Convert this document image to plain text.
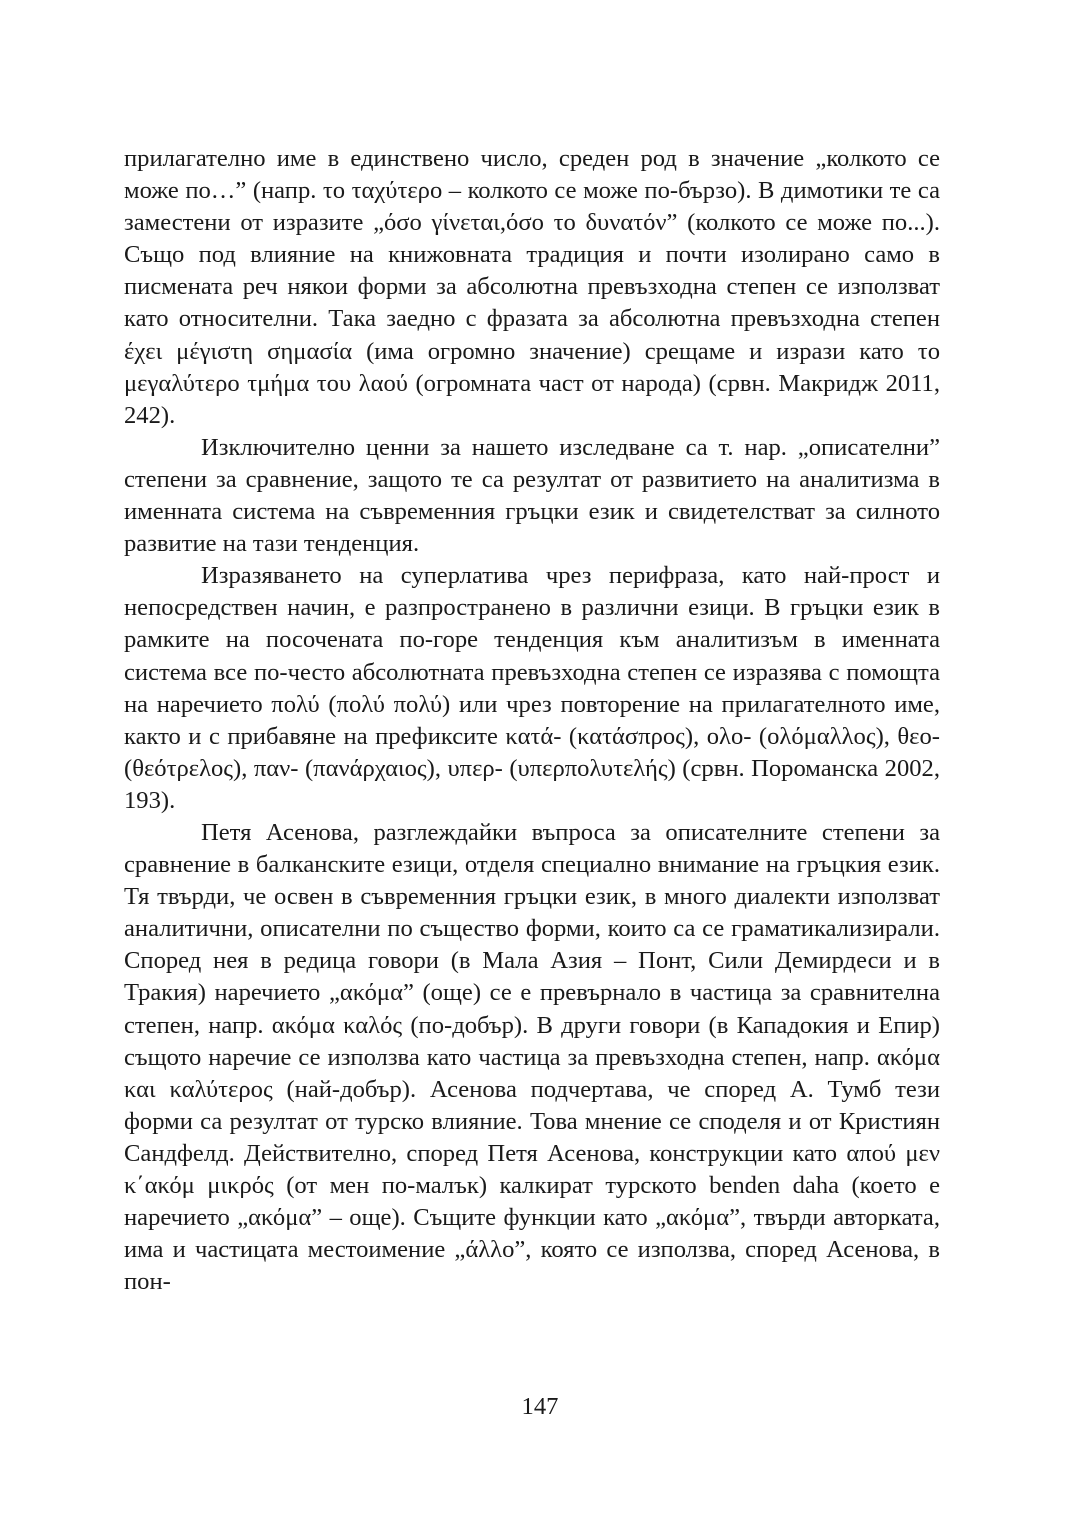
прилагателно име в единствено число, среден род в значение „колкото се може по…” (напр. το ταχύτερο – колкото се може по-бързо). В димотики те са заместени от изразите „όσο γίνεται,όσο το δυνατόν” (колкото се може по...). Също под влияние на книжовната традиция и почти изолирано само в писмената реч някои форми за абсолютна превъзходна степен се използват като относителни. Така заедно с фразата за абсолютна превъзходна степен έχει μέγιστη σημασία (има огромно значение) срещаме и изрази като το μεγαλύτερο τμήμα του λαού (огромната част от народа) (срвн. Макридж 2011, 242).

Изключително ценни за нашето изследване са т. нар. „описателни” степени за сравнение, защото те са резултат от развитието на аналитизма в именната система на съвременния гръцки език и свидетелстват за силното развитие на тази тенденция.

Изразяването на суперлатива чрез перифраза, като най-прост и непосредствен начин, е разпространено в различни езици. В гръцки език в рамките на посочената по-горе тенденция към аналитизъм в именната система все по-често абсолютната превъзходна степен се изразява с помощта на наречието πολύ (πολύ πολύ) или чрез повторение на прилагателното име, както и с прибавяне на префиксите κατά- (κατάσπρος), ολο- (ολόμαλλος), θεο- (θεότρελος), παν- (πανάρχαιος), υπερ- (υπερπολυτελής) (срвн. Пороманска 2002, 193).

Петя Асенова, разглеждайки въпроса за описателните степени за сравнение в балканските езици, отделя специално внимание на гръцкия език. Тя твърди, че освен в съвременния гръцки език, в много диалекти използват аналитични, описателни по същество форми, които са се граматикализирали. Според нея в редица говори (в Мала Азия – Понт, Сили Демирдеси и в Тракия) наречието „ακόμα” (още) се е превърнало в частица за сравнителна степен, напр. ακόμα καλός (по-добър). В други говори (в Кападокия и Епир) същото наречие се използва като частица за превъзходна степен, напр. ακόμα και καλύτερος (най-добър). Асенова подчертава, че според А. Тумб тези форми са резултат от турско влияние. Това мнение се споделя и от Кристиян Сандфелд. Действително, според Петя Асенова, конструкции като απού μεν κ΄ακόμ μικρός (от мен по-малък) калкират турското benden daha (което е наречието „ακόμα” – още). Същите функции като „ακόμα”, твърди авторката, има и частицата местоимение „άλλο”, която се използва, според Асенова, в пон-

147
